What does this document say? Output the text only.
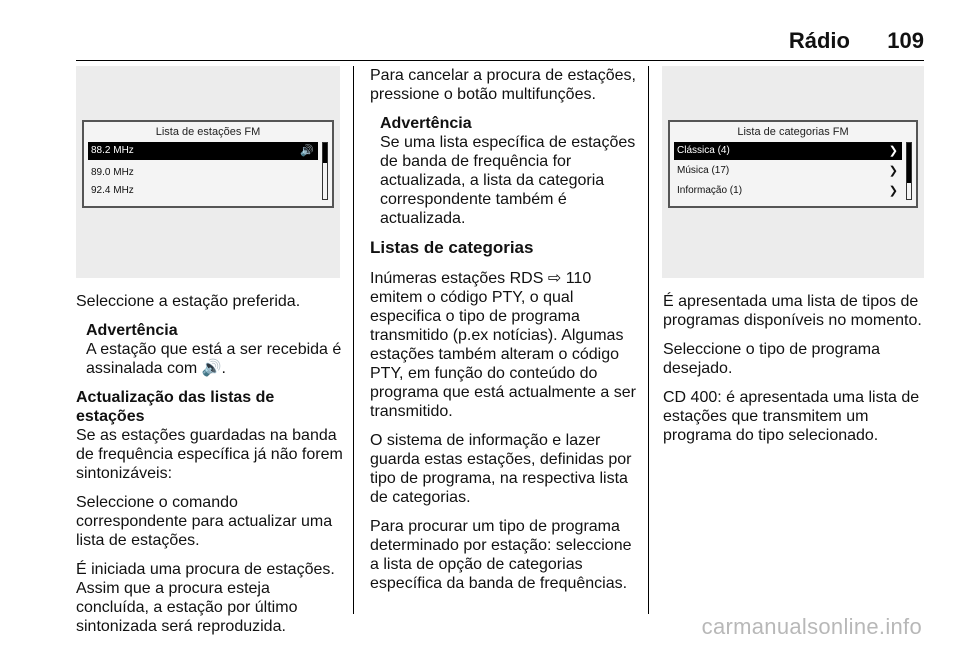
Rádio 109
Lista de estações FM
88.2 MHz	🔊
89.0 MHz
92.4 MHz

Seleccione a estação preferida.

Advertência
A estação que está a ser recebida é assinalada com 🔊.
Actualização das listas de estações

Se as estações guardadas na banda de frequência específica já não forem sintonizáveis:

Seleccione o comando correspondente para actualizar uma lista de estações.

É iniciada uma procura de estações. Assim que a procura esteja concluída, a estação por último sintonizada será reproduzida.

Para cancelar a procura de estações, pressione o botão multifunções.

Advertência
Se uma lista específica de estações de banda de frequência for actualizada, a lista da categoria correspondente também é actualizada.
Listas de categorias

Inúmeras estações RDS ⇨ 110 emitem o código PTY, o qual especifica o tipo de programa transmitido (p.ex notícias). Algumas estações também alteram o código PTY, em função do conteúdo do programa que está actualmente a ser transmitido.

O sistema de informação e lazer guarda estas estações, definidas por tipo de programa, na respectiva lista de categorias.

Para procurar um tipo de programa determinado por estação: seleccione a lista de opção de categorias específica da banda de frequências.

Lista de categorias FM
Clássica (4)	❯
Música (17)	❯
Informação (1)	❯

É apresentada uma lista de tipos de programas disponíveis no momento.

Seleccione o tipo de programa desejado.

CD 400: é apresentada uma lista de estações que transmitem um programa do tipo selecionado.

carmanualsonline.info
